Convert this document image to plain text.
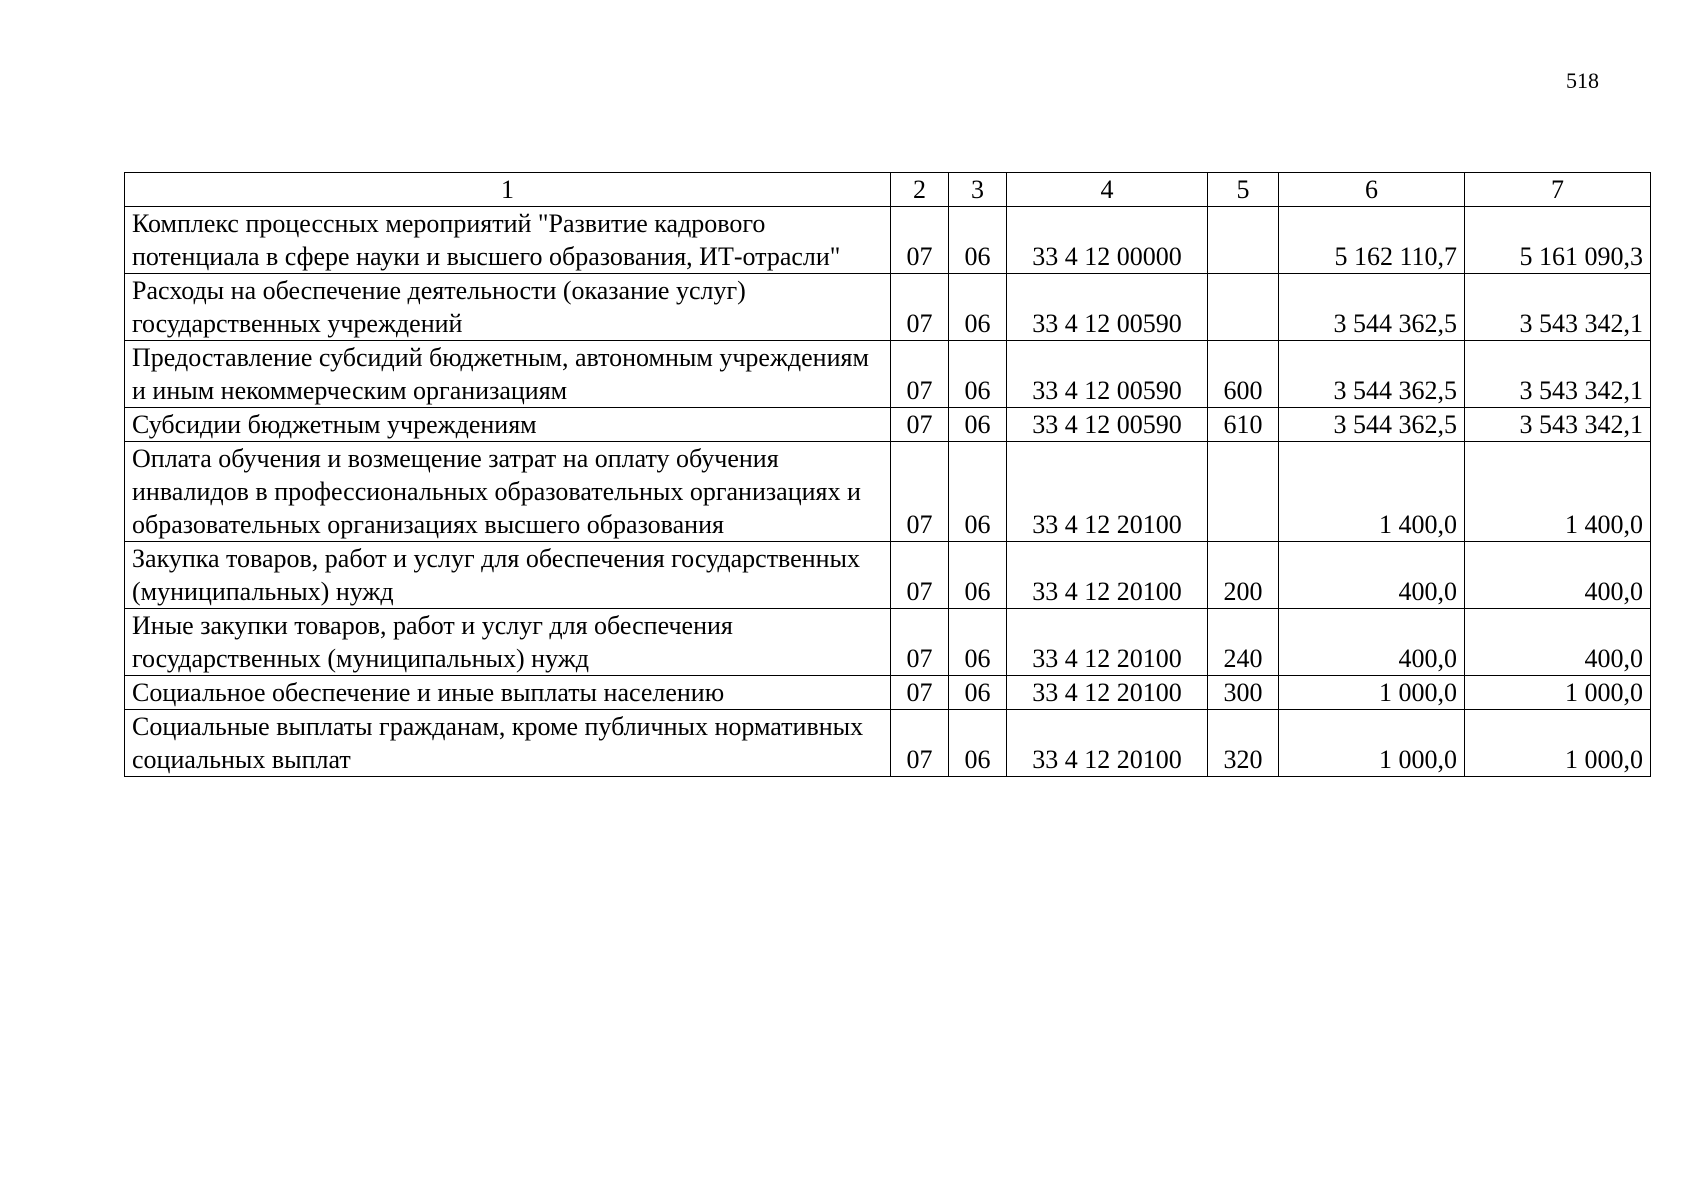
518
1	2	3	4	5	6	7
Комплекс процессных мероприятий "Развитие кадрового потенциала в сфере науки и высшего образования, ИТ-отрасли"	07	06	33 4 12 00000		5 162 110,7	5 161 090,3
Расходы на обеспечение деятельности (оказание услуг) государственных учреждений	07	06	33 4 12 00590		3 544 362,5	3 543 342,1
Предоставление субсидий бюджетным, автономным учреждениям и иным некоммерческим организациям	07	06	33 4 12 00590	600	3 544 362,5	3 543 342,1
Субсидии бюджетным учреждениям	07	06	33 4 12 00590	610	3 544 362,5	3 543 342,1
Оплата обучения и возмещение затрат на оплату обучения инвалидов в профессиональных образовательных организациях и образовательных организациях высшего образования	07	06	33 4 12 20100		1 400,0	1 400,0
Закупка товаров, работ и услуг для обеспечения государственных (муниципальных) нужд	07	06	33 4 12 20100	200	400,0	400,0
Иные закупки товаров, работ и услуг для обеспечения государственных (муниципальных) нужд	07	06	33 4 12 20100	240	400,0	400,0
Социальное обеспечение и иные выплаты населению	07	06	33 4 12 20100	300	1 000,0	1 000,0
Социальные выплаты гражданам, кроме публичных нормативных социальных выплат	07	06	33 4 12 20100	320	1 000,0	1 000,0
